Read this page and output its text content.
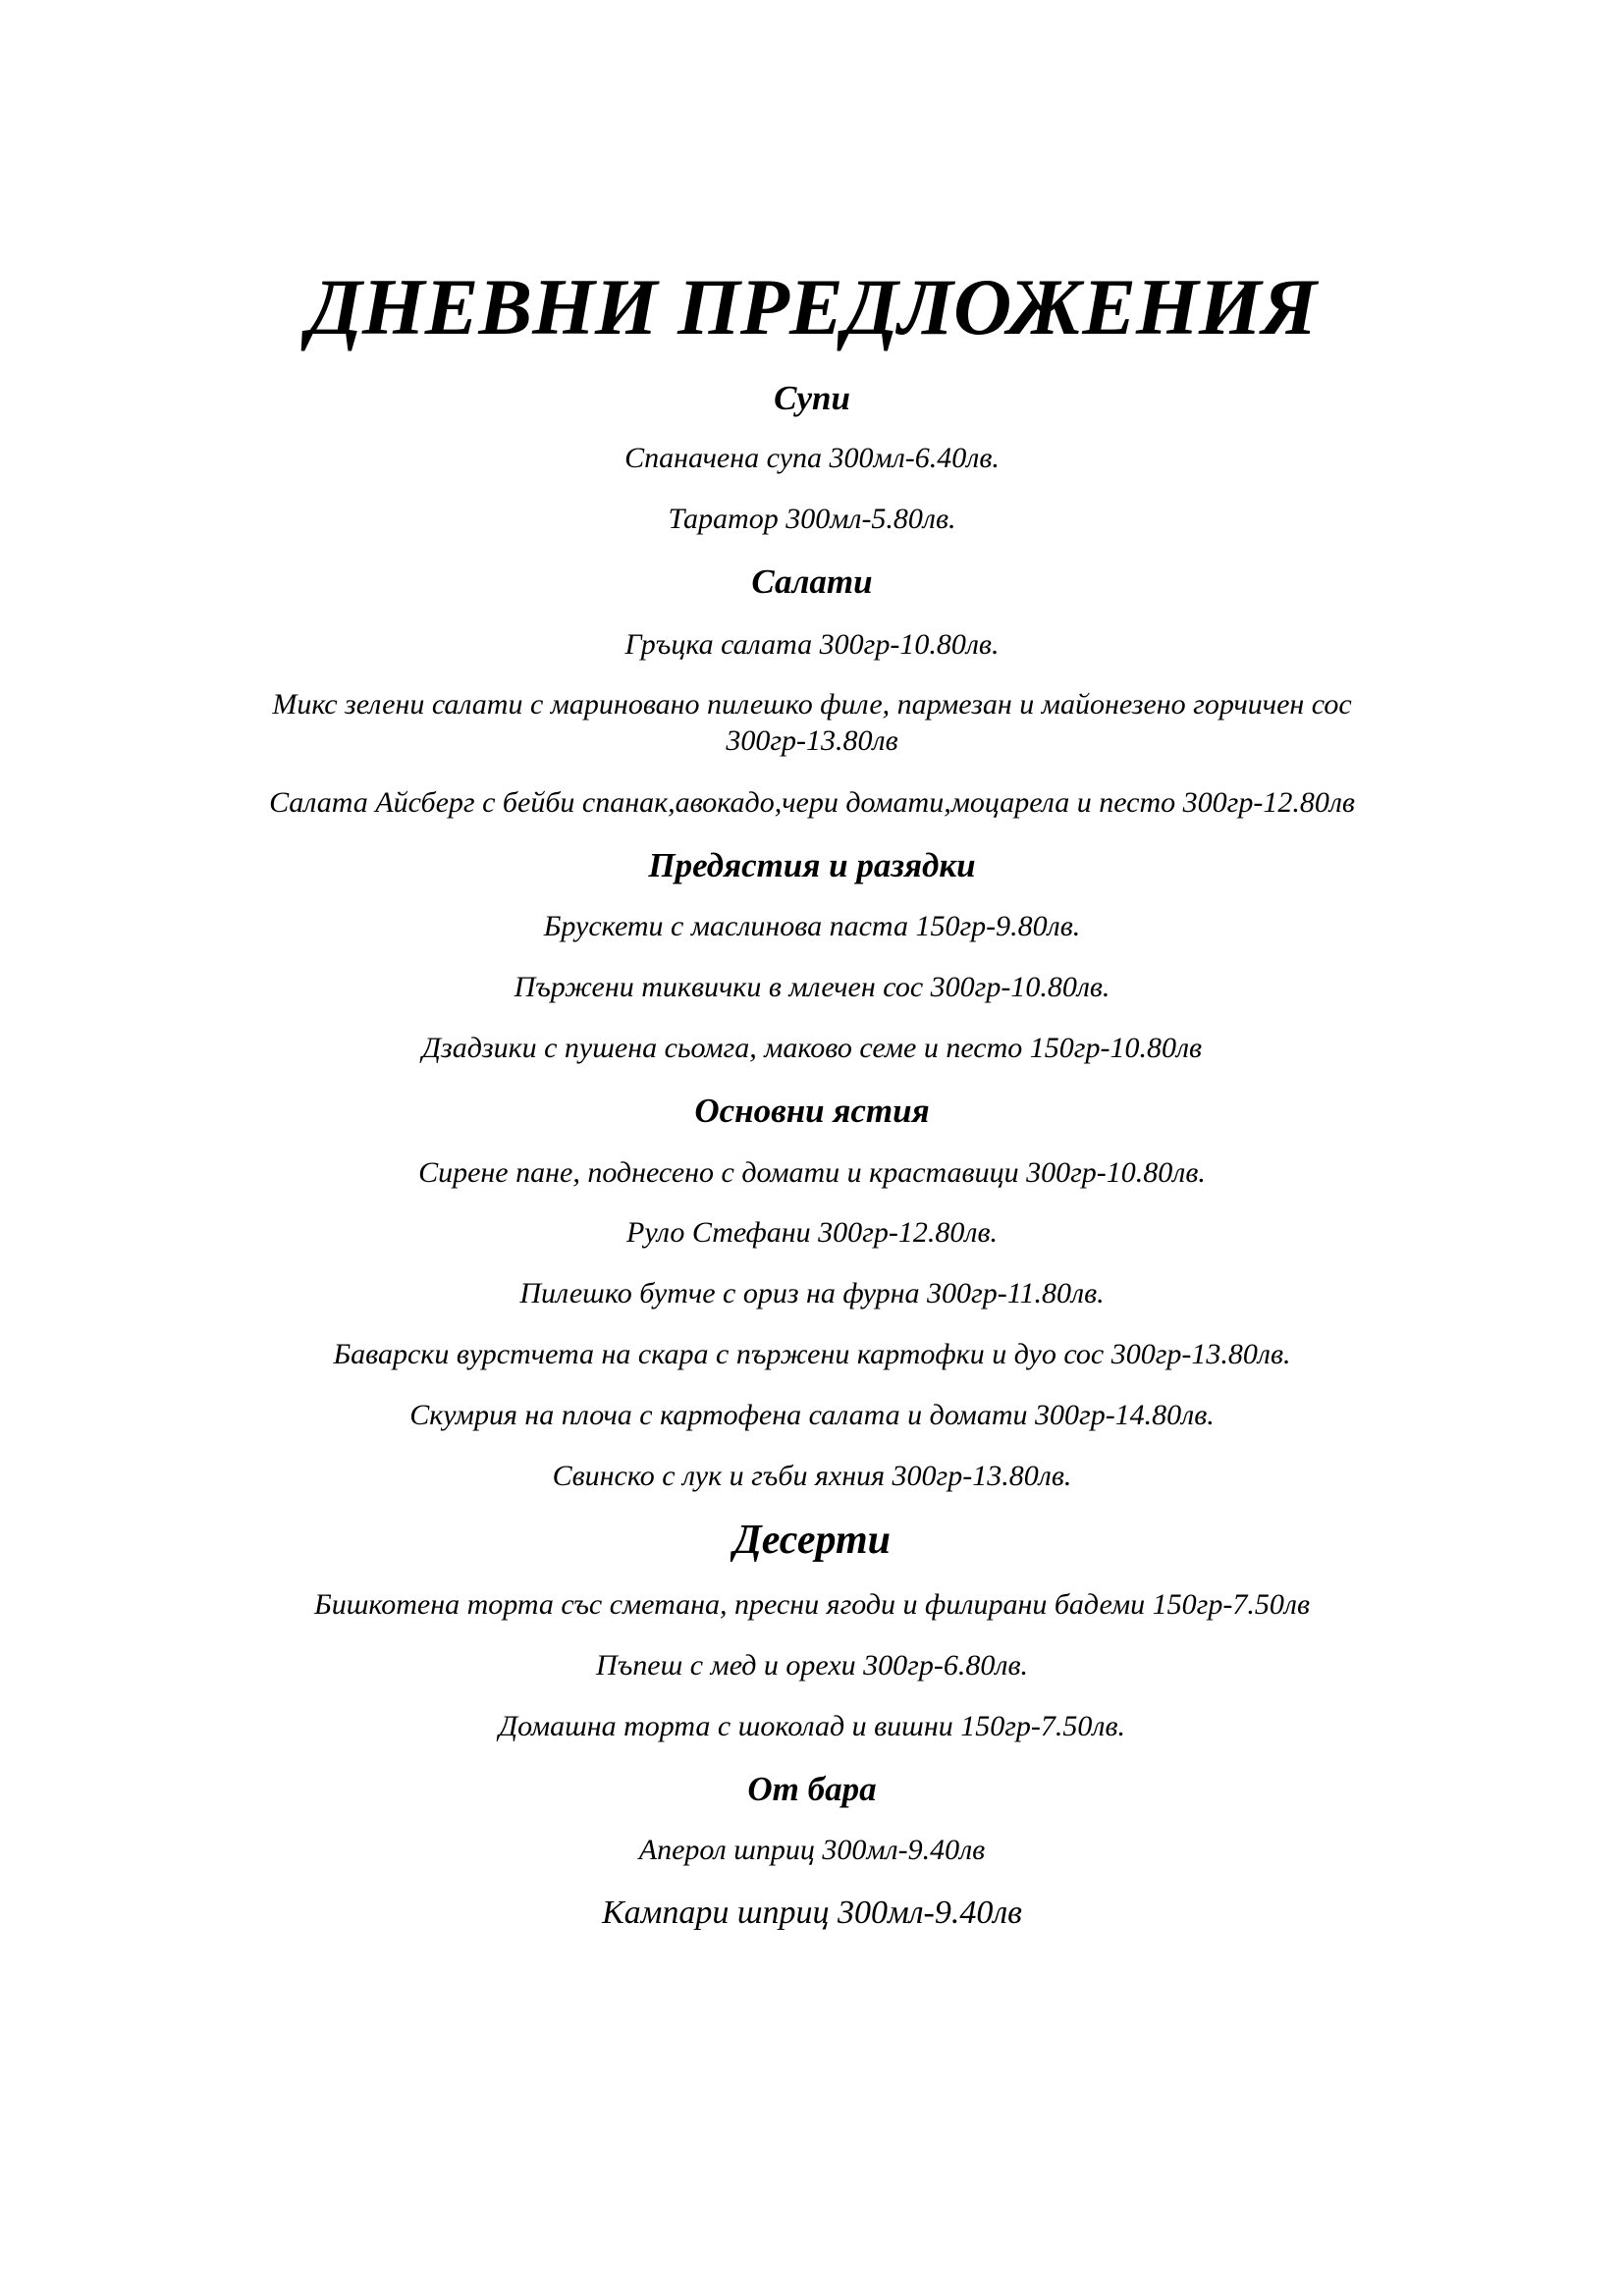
ДНЕВНИ ПРЕДЛОЖЕНИЯ
Супи
Спаначена супа 300мл-6.40лв.
Таратор 300мл-5.80лв.
Салати
Гръцка салата 300гр-10.80лв.
Микс зелени салати с мариновано пилешко филе, пармезан и майонезено горчичен сос
300гр-13.80лв
Салата Айсберг с бейби спанак,авокадо,чери домати,моцарела и песто 300гр-12.80лв
Предястия и разядки
Брускети с маслинова паста 150гр-9.80лв.
Пържени тиквички в млечен сос 300гр-10.80лв.
Дзадзики с пушена сьомга, маково семе и песто 150гр-10.80лв
Основни ястия
Сирене пане, поднесено с домати и краставици 300гр-10.80лв.
Руло Стефани 300гр-12.80лв.
Пилешко бутче с ориз на фурна 300гр-11.80лв.
Баварски вурстчета на скара с пържени картофки и дуо сос 300гр-13.80лв.
Скумрия на плоча с картофена салата и домати 300гр-14.80лв.
Свинско с лук и гъби яхния 300гр-13.80лв.
Десерти
Бишкотена торта със сметана, пресни ягоди и филирани бадеми 150гр-7.50лв
Пъпеш с мед и орехи 300гр-6.80лв.
Домашна торта с шоколад и вишни 150гр-7.50лв.
От бара
Аперол шприц 300мл-9.40лв
Кампари шприц 300мл-9.40лв
